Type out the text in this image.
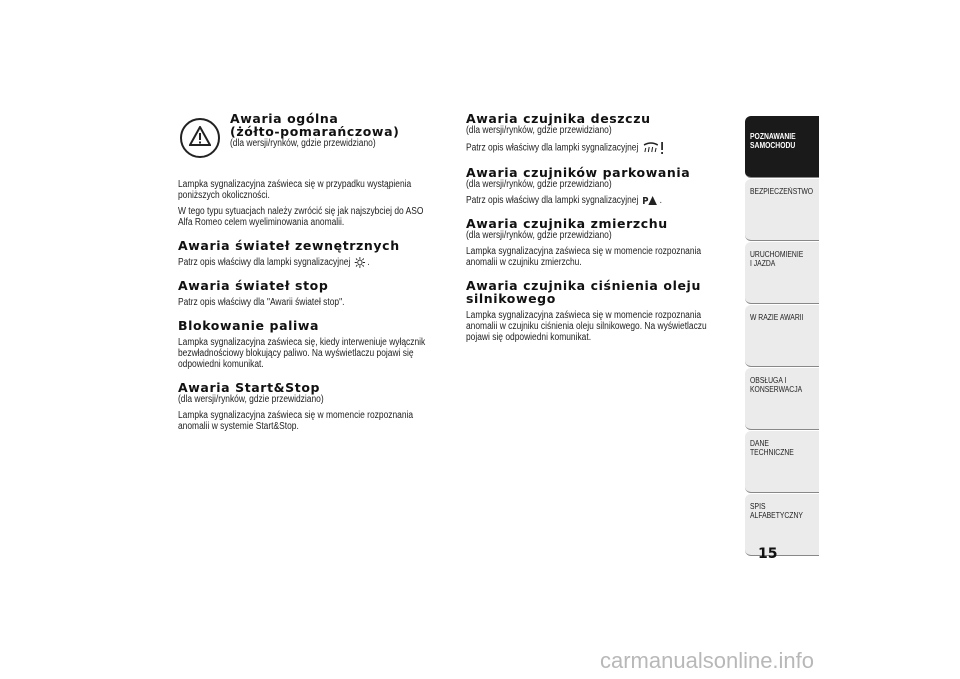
Awaria ogólna

(żółto-pomarańczowa)

(dla wersji/rynków, gdzie przewidziano)

Lampka sygnalizacyjna zaświeca się w przypadku wystąpienia poniższych okoliczności.

W tego typu sytuacjach należy zwrócić się jak najszybciej do ASO Alfa Romeo celem wyeliminowania anomalii.

Awaria świateł zewnętrznych

Patrz opis właściwy dla lampki sygnalizacyjnej .

Awaria świateł stop

Patrz opis właściwy dla "Awarii świateł stop".

Blokowanie paliwa

Lampka sygnalizacyjna zaświeca się, kiedy interweniuje wyłącznik bezwładnościowy blokujący paliwo. Na wyświetlaczu pojawi się odpowiedni komunikat.

Awaria Start&Stop

(dla wersji/rynków, gdzie przewidziano)

Lampka sygnalizacyjna zaświeca się w momencie rozpoznania anomalii w systemie Start&Stop.

Awaria czujnika deszczu

(dla wersji/rynków, gdzie przewidziano)

Patrz opis właściwy dla lampki sygnalizacyjnej

Awaria czujników parkowania

(dla wersji/rynków, gdzie przewidziano)

Patrz opis właściwy dla lampki sygnalizacyjnej P .

Awaria czujnika zmierzchu

(dla wersji/rynków, gdzie przewidziano)

Lampka sygnalizacyjna zaświeca się w momencie rozpoznania anomalii w czujniku zmierzchu.

Awaria czujnika ciśnienia oleju

silnikowego

Lampka sygnalizacyjna zaświeca się w momencie rozpoznania anomalii w czujniku ciśnienia oleju silnikowego. Na wyświetlaczu pojawi się odpowiedni komunikat.

POZNAWANIE SAMOCHODU
BEZPIECZEŃSTWO
URUCHOMIENIE I JAZDA
W RAZIE AWARII
OBSŁUGA I KONSERWACJA
DANE TECHNICZNE
SPIS ALFABETYCZNY
15
carmanualsonline.info
